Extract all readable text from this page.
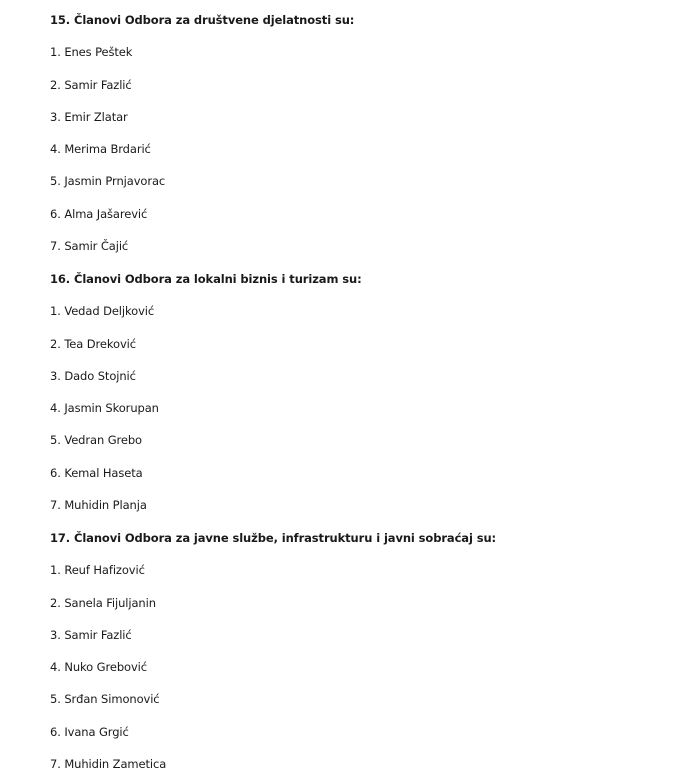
15. Članovi Odbora za društvene djelatnosti su:
1. Enes Peštek
2. Samir Fazlić
3. Emir Zlatar
4. Merima Brdarić
5. Jasmin Prnjavorac
6. Alma Jašarević
7. Samir Čajić
16. Članovi Odbora za lokalni biznis i turizam su:
1. Vedad Deljković
2. Tea Dreković
3. Dado Stojnić
4. Jasmin Skorupan
5. Vedran Grebo
6. Kemal Haseta
7. Muhidin Planja
17. Članovi Odbora za javne službe, infrastrukturu i javni sobraćaj su:
1. Reuf Hafizović
2. Sanela Fijuljanin
3. Samir Fazlić
4. Nuko Grebović
5. Srđan Simonović
6. Ivana Grgić
7. Muhidin Zametica
